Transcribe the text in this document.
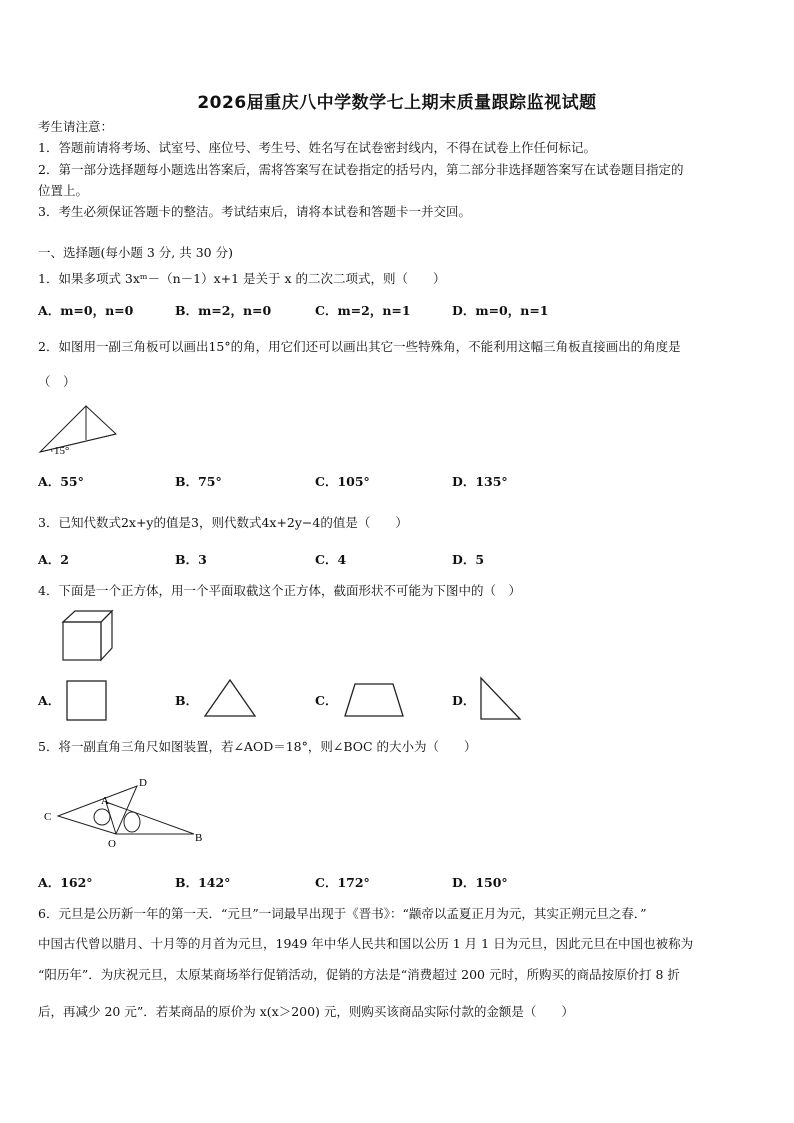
2026届重庆八中学数学七上期末质量跟踪监视试题
考生请注意：
1．答题前请将考场、试室号、座位号、考生号、姓名写在试卷密封线内，不得在试卷上作任何标记。
2．第一部分选择题每小题选出答案后，需将答案写在试卷指定的括号内，第二部分非选择题答案写在试卷题目指定的
位置上。
3．考生必须保证答题卡的整洁。考试结束后，请将本试卷和答题卡一并交回。
一、选择题(每小题 3 分, 共 30 分)
1．如果多项式 3xᵐ－（n－1）x+1 是关于 x 的二次二项式，则（　　）
A．m=0，n=0	B．m=2，n=0	C．m=2，n=1	D．m=0，n=1
2．如图用一副三角板可以画出15°的角，用它们还可以画出其它一些特殊角，不能利用这幅三角板直接画出的角度是
（　）
15°
A．55°	B．75°	C．105°	D．135°
3．已知代数式2x+y的值是3，则代数式4x+2y−4的值是（　　）
A．2	B．3	C．4	D．5
4．下面是一个正方体，用一个平面取截这个正方体，截面形状不可能为下图中的（　）
A．	B．	C．	D．
5．将一副直角三角尺如图装置，若∠AOD＝18°，则∠BOC 的大小为（　　）
D
A
C
O	B
A．162°	B．142°	C．172°	D．150°
6．元旦是公历新一年的第一天．“元旦”一词最早出现于《晋书》：“颛帝以孟夏正月为元，其实正朔元旦之春．”
中国古代曾以腊月、十月等的月首为元旦，1949 年中华人民共和国以公历 1 月 1 日为元旦，因此元旦在中国也被称为
“阳历年”．为庆祝元旦，太原某商场举行促销活动，促销的方法是“消费超过 200 元时，所购买的商品按原价打 8 折
后，再减少 20 元”．若某商品的原价为 x(x＞200) 元，则购买该商品实际付款的金额是（　　）
